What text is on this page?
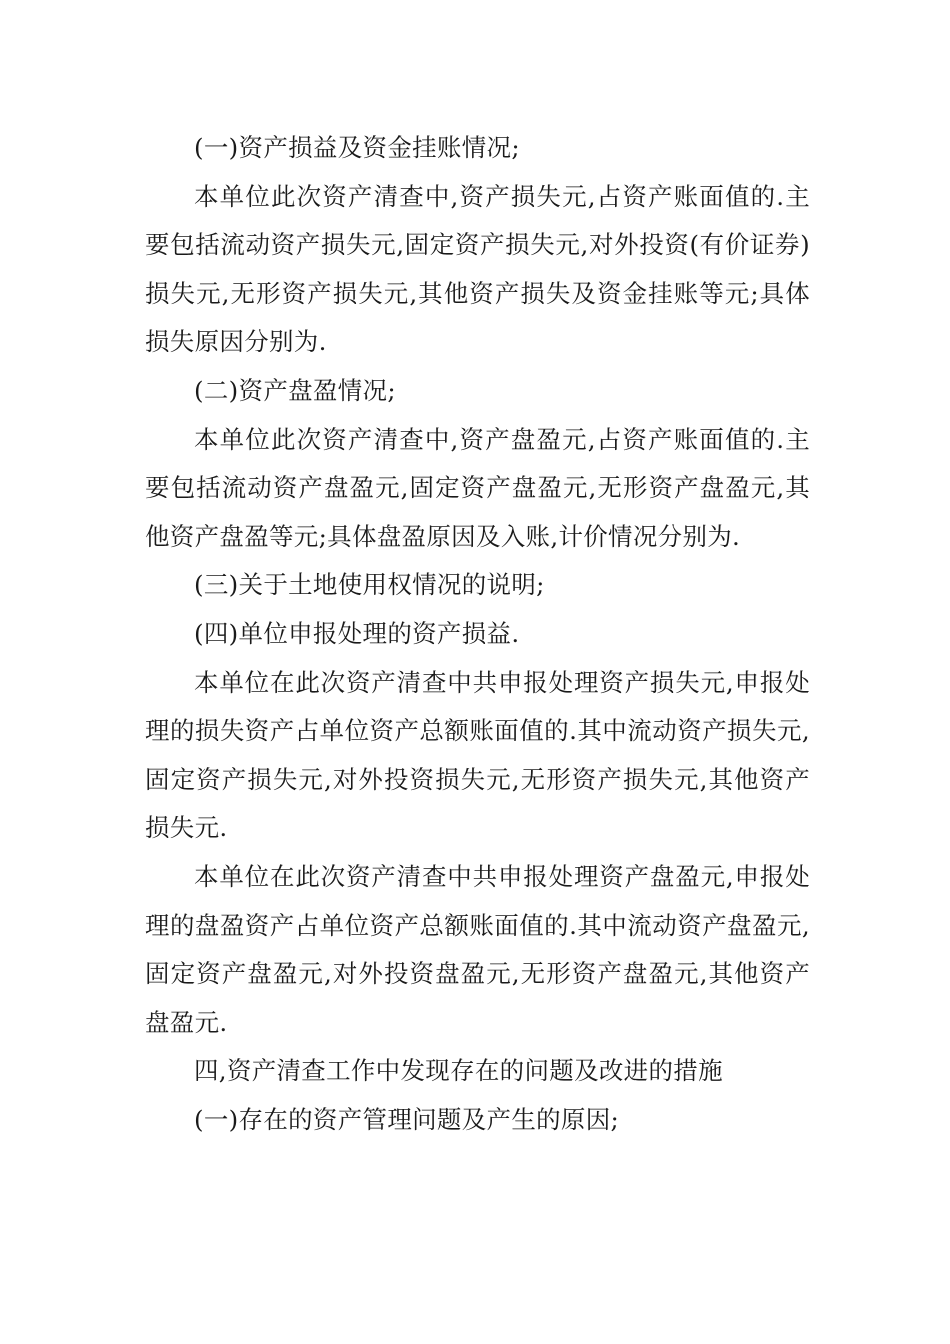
(一)资产损益及资金挂账情况;

本单位此次资产清查中,资产损失元,占资产账面值的.主要包括流动资产损失元,固定资产损失元,对外投资(有价证券)损失元,无形资产损失元,其他资产损失及资金挂账等元;具体损失原因分别为.

(二)资产盘盈情况;

本单位此次资产清查中,资产盘盈元,占资产账面值的.主要包括流动资产盘盈元,固定资产盘盈元,无形资产盘盈元,其他资产盘盈等元;具体盘盈原因及入账,计价情况分别为.

(三)关于土地使用权情况的说明;

(四)单位申报处理的资产损益.

本单位在此次资产清查中共申报处理资产损失元,申报处理的损失资产占单位资产总额账面值的.其中流动资产损失元,固定资产损失元,对外投资损失元,无形资产损失元,其他资产损失元.

本单位在此次资产清查中共申报处理资产盘盈元,申报处理的盘盈资产占单位资产总额账面值的.其中流动资产盘盈元,固定资产盘盈元,对外投资盘盈元,无形资产盘盈元,其他资产盘盈元.

四,资产清查工作中发现存在的问题及改进的措施

(一)存在的资产管理问题及产生的原因;
